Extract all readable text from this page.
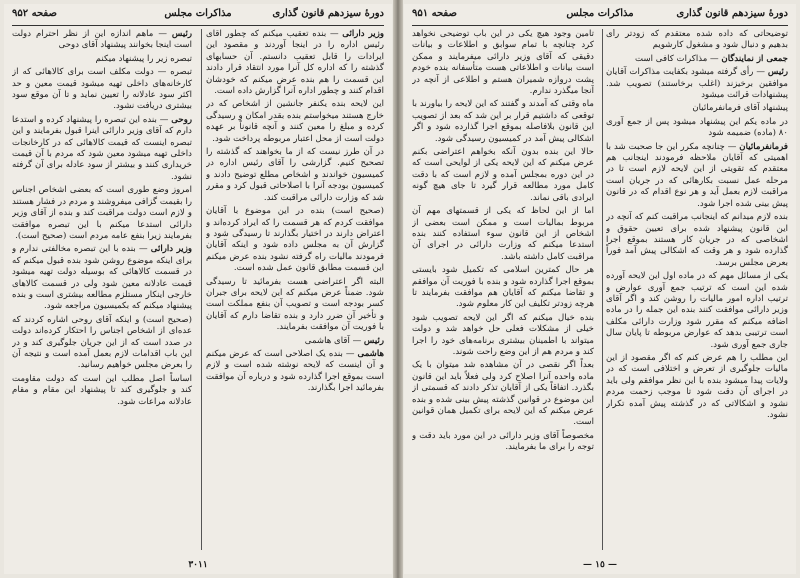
دورهٔ سیزدهم قانون گذاری
مذاکرات مجلس
صفحه ۹۵۲

وزیر دارائی — بنده تعقیب میکنم که چطور آقای رئیس اداره را در اینجا آوردند و مقصود این ایرادات را قابل تعقیب دانستم. آن حسابهای گذشته را که اداره کل آنرا مورد انتقاد قرار دادند این قسمت را هم بنده عرض میکنم که خودشان اقدام کنند و چطور اداره آنرا گزارش داده است.

این لایحه بنده یکنفر جانشین از اشخاص که در خارج هستند میخواستم بنده بقدر امکان و رسیدگی کرده و مبلغ را معین کنند و آنچه قانوناً بر عهده دولت است از محل اعتبار مربوطه پرداخت شود.

در آن طرز نیست که از ما بخواهند که گذشته را تصحیح کنیم. گزارشی را آقای رئیس اداره در کمیسیون خواندند و اشخاص مطلع توضیح دادند و کمیسیون بودجه آنرا با اصلاحاتی قبول کرد و مقرر شد که وزارت دارائی مراقبت کند.

(صحیح است) بنده در این موضوع با آقایان موافقت کردم که هر قسمت را که ایراد کرده‌اند و اعتراض دارند در اختیار بگذارند تا رسیدگی شود و گزارش آن به مجلس داده شود و اینکه آقایان فرمودند مالیات راه گرفته نشود بنده عرض میکنم این قسمت مطابق قانون عمل شده است.

البته اگر اعتراضی هست بفرمائید تا رسیدگی شود. ضمناً عرض میکنم که این لایحه برای جبران کسر بودجه است و تصویب آن بنفع مملکت است و تأخیر آن ضرر دارد و بنده تقاضا دارم که آقایان با فوریت آن موافقت بفرمایند.

رئیس — آقای هاشمی

هاشمی — بنده یک اصلاحی است که عرض میکنم و آن اینست که لایحه نوشته شده است و لازم است بموقع اجرا گذارده شود و درباره آن موافقت بفرمائید اجرا بگذارند.

رئیس — ماهم اندازه این از نظر احترام دولت است اینجا بخوانند پیشنهاد آقای دوحی

تبصره زیر را پیشنهاد میکنم

تبصره — دولت مکلف است برای کالاهائی که از کارخانه‌های داخلی تهیه میشود قیمت معین و حد اکثر سود عادلانه را تعیین نماید و تا آن موقع سود بیشتری دریافت نشود.

روحی — بنده این تبصره را پیشنهاد کرده و استدعا دارم که آقای وزیر دارائی اینرا قبول بفرمایند و این تبصره اینست که قیمت کالاهائی که در کارخانجات داخلی تهیه میشود معین شود که مردم با آن قیمت خریداری کنند و بیشتر از سود عادله برای آن گرفته نشود.

امروز وضع طوری است که بعضی اشخاص اجناس را بقیمت گزافی میفروشند و مردم در فشار هستند و لازم است دولت مراقبت کند و بنده از آقای وزیر دارائی استدعا میکنم با این تبصره موافقت بفرمایند زیرا بنفع عامه مردم است (صحیح است).

وزیر دارائی — بنده با این تبصره مخالفتی ندارم و برای اینکه موضوع روشن شود بنده قبول میکنم که در قسمت کالاهائی که بوسیله دولت تهیه میشود قیمت عادلانه معین شود ولی در قسمت کالاهای خارجی اینکار مستلزم مطالعه بیشتری است و بنده پیشنهاد میکنم که بکمیسیون مراجعه شود.

(صحیح است) و اینکه آقای روحی اشاره کردند که عده‌ای از اشخاص اجناس را احتکار کرده‌اند دولت در صدد است که از این جریان جلوگیری کند و در این باب اقدامات لازم بعمل آمده است و نتیجه آن را بعرض مجلس خواهیم رسانید.

اساساً اصل مطلب این است که دولت مقاومت کند و جلوگیری کند تا پیشنهاد این مقام و مقام عادلانه مراعات شود.

٣٠١١
دورهٔ سیزدهم قانون گذاری
مذاکرات مجلس
صفحه ۹۵۱

توضیحاتی که داده شده معتقدم که زودتر رأی بدهیم و دنبال شود و مشغول کارشویم

جمعی از نمایندگان — مذاکرات کافی است

رئیس — رأی گرفته میشود بکفایت مذاکرات آقایان موافقین برخیزند (اغلب برخاستند) تصویب شد. پیشنهادات قرائت میشود

پیشنهاد آقای فرمانفرمائیان

در ماده یکم این پیشنهاد میشود پس از جمع آوری ۸۰ (ماده) ضمیمه شود

فرمانفرمائیان — چنانچه مکرر این جا صحبت شد با اهمیتی که آقایان ملاحظه فرمودند اینجانب هم معتقدم که تقویتی از این لایحه لازم است تا در مرحله عمل نسبت بکارهائی که در جریان است مراقبت لازم بعمل آید و هر نوع اقدام که در قانون پیش بینی شده اجرا شود.

بنده لازم میدانم که اینجانب مراقبت کنم که آنچه در این قانون پیشنهاد شده برای تعیین حقوق و اشخاصی که در جریان کار هستند بموقع اجرا گذارده شود و هر وقت که اشکالی پیش آمد فوراً بعرض مجلس برسد.

یکی از مسائل مهم که در ماده اول این لایحه آورده شده این است که ترتیب جمع آوری عوارض و ترتیب اداره امور مالیات را روشن کند و اگر آقای وزیر دارائی موافقت کنند بنده این جمله را در ماده اضافه میکنم که مقرر شود وزارت دارائی مکلف است ترتیبی بدهد که عوارض مربوطه تا پایان سال جاری جمع آوری شود.

این مطلب را هم عرض کنم که اگر مقصود از این مالیات جلوگیری از تعرض و اختلافی است که در ولایات پیدا میشود بنده با این نظر موافقم ولی باید در اجرای آن دقت شود تا موجب زحمت مردم نشود و اشکالاتی که در گذشته پیش آمده تکرار نشود.

تأمین وجود هیچ یکی در این باب توضیحی نخواهد کرد چنانچه با تمام سوابق و اطلاعات و بیانات دقیقی که آقای وزیر دارائی میفرمایند و ممکن است بیانات و اطلاعاتی هست متأسفانه بنده خودم پشت دروازه شمیران هستم و اطلاعی از آنچه در آنجا میگذرد ندارم.

ماه وقتی که آمدند و گفتند که این لایحه را بیاورند با توقعی که داشتیم قرار بر این شد که بعد از تصویب این قانون بلافاصله بموقع اجرا گذارده شود و اگر اشکالی پیش آمد در کمیسیون رسیدگی شود.

حالا این بنده بدون آنکه بخواهم اعتراضی بکنم عرض میکنم که این لایحه یکی از لوایحی است که در این دوره بمجلس آمده و لازم است که با دقت کامل مورد مطالعه قرار گیرد تا جای هیچ گونه ایرادی باقی نماند.

اما از این لحاظ که یکی از قسمتهای مهم آن مربوط بمالیات است و ممکن است بعضی از اشخاص از این قانون سوء استفاده کنند بنده استدعا میکنم که وزارت دارائی در اجرای آن مراقبت کامل داشته باشد.

هر حال کمترین اسلامی که تکمیل شود بایستی بموقع اجرا گذارده شود و بنده با فوریت آن موافقم و تقاضا میکنم که آقایان هم موافقت بفرمایند تا هرچه زودتر تکلیف این کار معلوم شود.

بنده خیال میکنم که اگر این لایحه تصویب شود خیلی از مشکلات فعلی حل خواهد شد و دولت میتواند با اطمینان بیشتری برنامه‌های خود را اجرا کند و مردم هم از این وضع راحت شوند.

بعداً اگر نقصی در آن مشاهده شد میتوان با یک ماده واحده آنرا اصلاح کرد ولی فعلاً باید این قانون بگذرد. اتفاقاً یکی از آقایان تذکر دادند که قسمتی از این موضوع در قوانین گذشته پیش بینی شده و بنده عرض میکنم که این لایحه برای تکمیل همان قوانین است.

مخصوصاً آقای وزیر دارائی در این مورد باید دقت و توجه را برای ما بفرمایند.

— ١٥ —
